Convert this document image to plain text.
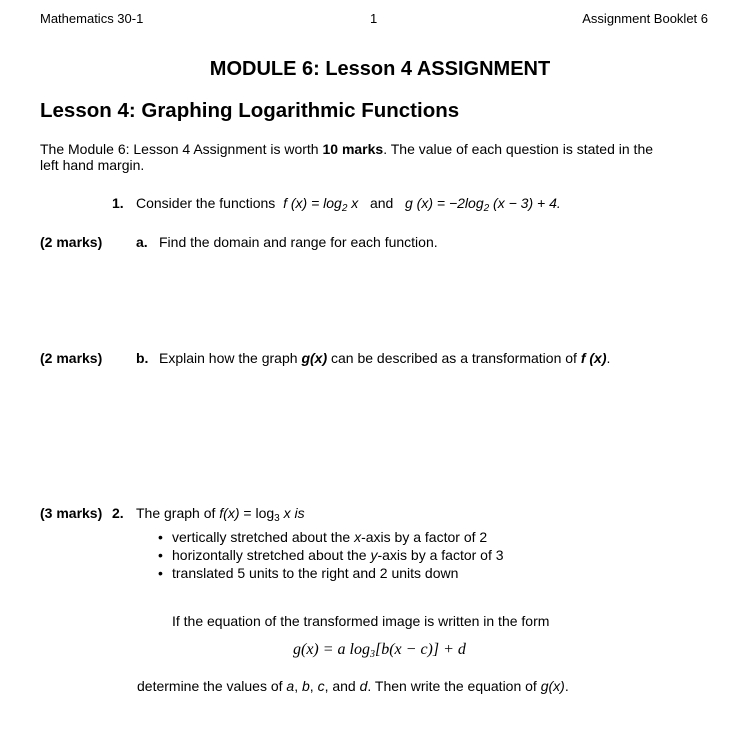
Mathematics 30-1	1	Assignment Booklet 6
MODULE 6: Lesson 4 ASSIGNMENT
Lesson 4: Graphing Logarithmic Functions
The Module 6: Lesson 4 Assignment is worth 10 marks. The value of each question is stated in the
left hand margin.
1. Consider the functions f $(x) = \log_2 x$ and g $(x) = -2\log_2$ (x − 3) + 4.
(2 marks) a. Find the domain and range for each function.
(2 marks) b. Explain how the graph g(x) can be described as a transformation of f (x).
(3 marks) 2. The graph of $f(x) = \log_3 x$ is
• vertically stretched about the x-axis by a factor of 2
• horizontally stretched about the y-axis by a factor of 3
• translated 5 units to the right and 2 units down
If the equation of the transformed image is written in the form
g(x) = a $\log_3[b(x - c)] + d$
determine the values of a, b, c, and d. Then write the equation of g(x).
